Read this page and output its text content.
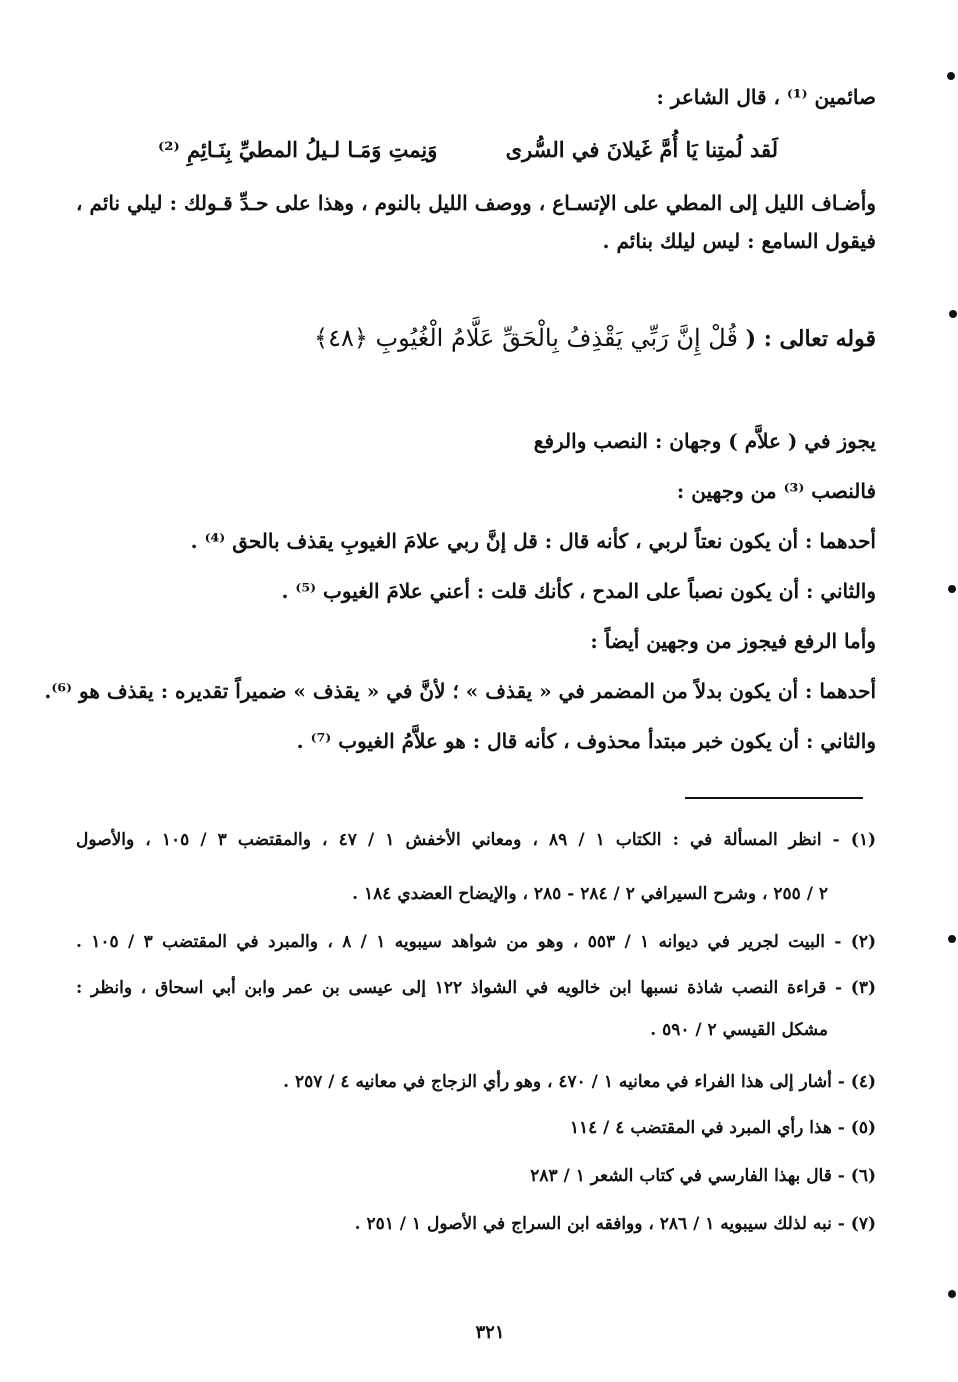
صائمين ⁽¹⁾ ، قال الشاعر :
لَقد لُمتِنا يَا أُمَّ غَيلانَ في السُّرى
وَنِمتِ وَمَـا لـيلُ المطيِّ بِنَـائِمِ ⁽²⁾
وأضـاف الليل إلى المطي على الإتسـاع ، ووصف الليل بالنوم ، وهذا على حـدِّ قـولك : ليلي نائم ،
فيقول السامع : ليس ليلك بنائم .
قوله تعالى : ( قُلْ إِنَّ رَبِّي يَقْذِفُ بِالْحَقِّ عَلَّامُ الْغُيُوبِ ﴿٤٨﴾
يجوز في ( علاَّم ) وجهان : النصب والرفع
فالنصب ⁽³⁾ من وجهين :
أحدهما : أن يكون نعتاً لربي ، كأنه قال : قل إنَّ ربي علامَ الغيوبِ يقذف بالحق ⁽⁴⁾ .
والثاني : أن يكون نصباً على المدح ، كأنك قلت : أعني علامَ الغيوب ⁽⁵⁾ .
وأما الرفع فيجوز من وجهين أيضاً :
أحدهما : أن يكون بدلاً من المضمر في « يقذف » ؛ لأنَّ في « يقذف » ضميراً تقديره : يقذف هو ⁽⁶⁾.
والثاني : أن يكون خبر مبتدأ محذوف ، كأنه قال : هو علاَّمُ الغيوب ⁽⁷⁾ .
(١) - انظر المسألة في : الكتاب ١ / ٨٩ ، ومعاني الأخفش ١ / ٤٧ ، والمقتضب ٣ / ١٠٥ ، والأصول
٢ / ٢٥٥ ، وشرح السيرافي ٢ / ٢٨٤ - ٢٨٥ ، والإيضاح العضدي ١٨٤ .
(٢) - البيت لجرير في ديوانه ١ / ٥٥٣ ، وهو من شواهد سيبويه ١ / ٨ ، والمبرد في المقتضب ٣ / ١٠٥ .
(٣) - قراءة النصب شاذة نسبها ابن خالويه في الشواذ ١٢٢ إلى عيسى بن عمر وابن أبي اسحاق ، وانظر :
مشكل القيسي ٢ / ٥٩٠ .
(٤) - أشار إلى هذا الفراء في معانيه ١ / ٤٧٠ ، وهو رأي الزجاج في معانيه ٤ / ٢٥٧ .
(٥) - هذا رأي المبرد في المقتضب ٤ / ١١٤
(٦) - قال بهذا الفارسي في كتاب الشعر ١ / ٢٨٣
(٧) - نبه لذلك سيبويه ١ / ٢٨٦ ، ووافقه ابن السراج في الأصول ١ / ٢٥١ .
٣٢١
